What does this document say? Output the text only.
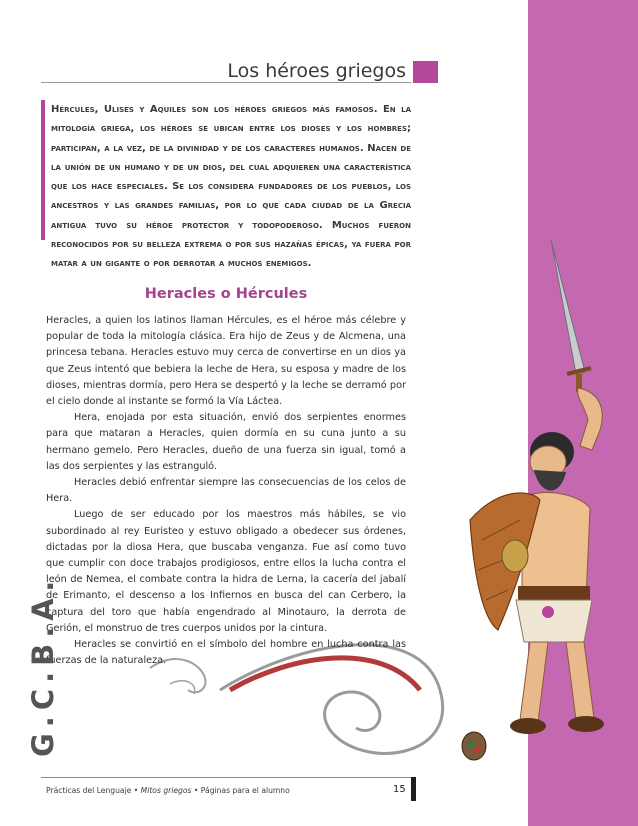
Los héroes griegos

Hércules, Ulises y Aquiles son los héroes griegos más famosos. En la mitología griega, los héroes se ubican entre los dioses y los hombres; participan, a la vez, de la divinidad y de los caracteres humanos. Nacen de la unión de un humano y de un dios, del cual adquieren una característica que los hace especiales. Se los considera fundadores de los pueblos, los ancestros y las grandes familias, por lo que cada ciudad de la Grecia antigua tuvo su héroe protector y todopoderoso. Muchos fueron reconocidos por su belleza extrema o por sus hazañas épicas, ya fuera por matar a un gigante o por derrotar a muchos enemigos.

Heracles o Hércules

Heracles, a quien los latinos llaman Hércules, es el héroe más célebre y popular de toda la mitología clásica. Era hijo de Zeus y de Alcmena, una princesa tebana. Heracles estuvo muy cerca de convertirse en un dios ya que Zeus intentó que bebiera la leche de Hera, su esposa y madre de los dioses, mientras dormía, pero Hera se despertó y la leche se derramó por el cielo donde al instante se formó la Vía Láctea.

Hera, enojada por esta situación, envió dos serpientes enormes para que mataran a Heracles, quien dormía en su cuna junto a su hermano gemelo. Pero Heracles, dueño de una fuerza sin igual, tomó a las dos serpientes y las estranguló.

Heracles debió enfrentar siempre las consecuencias de los celos de Hera.

Luego de ser educado por los maestros más hábiles, se vio subordinado al rey Euristeo y estuvo obligado a obedecer sus órdenes, dictadas por la diosa Hera, que buscaba venganza. Fue así como tuvo que cumplir con doce trabajos prodigiosos, entre ellos la lucha contra el león de Nemea, el combate contra la hidra de Lerna, la cacería del jabalí de Erimanto, el descenso a los Infiernos en busca del can Cerbero, la captura del toro que había engendrado al Minotauro, la derrota de Gerión, el monstruo de tres cuerpos unidos por la cintura.

Heracles se convirtió en el símbolo del hombre en lucha contra las fuerzas de la naturaleza.

G.C.B.A.
Prácticas del Lenguaje • Mitos griegos • Páginas para el alumno	15
